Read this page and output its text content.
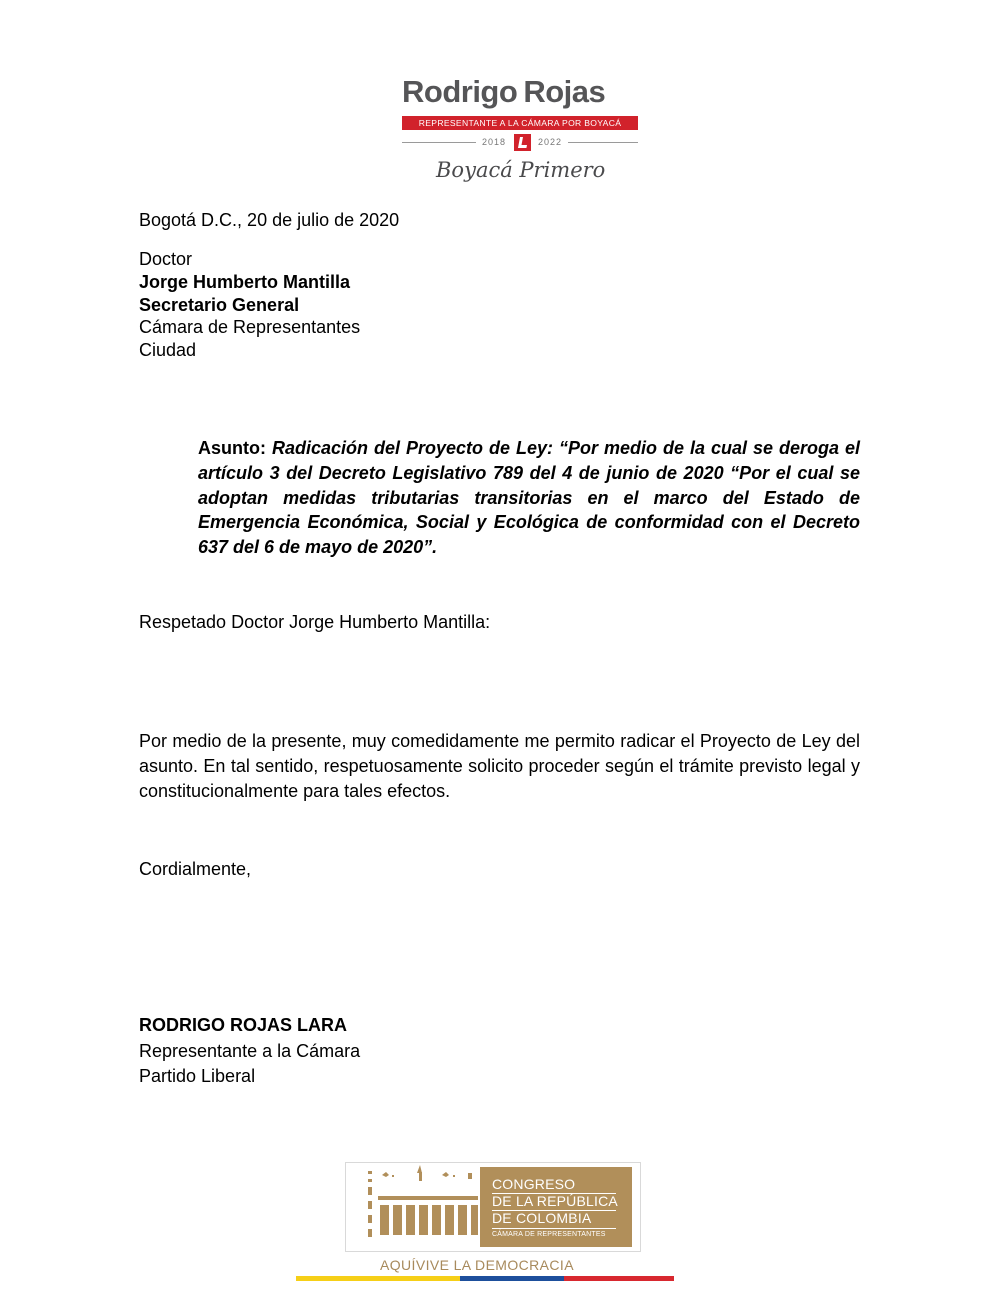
Rodrigo Rojas
REPRESENTANTE A LA CÁMARA POR BOYACÁ
2018	2022
Boyacá Primero
Bogotá D.C., 20 de julio de 2020
Doctor
Jorge Humberto Mantilla
Secretario General
Cámara de Representantes
Ciudad
Asunto: Radicación del Proyecto de Ley: “Por medio de la cual se deroga el artículo 3 del Decreto Legislativo 789 del 4 de junio de 2020 “Por el cual se adoptan medidas tributarias transitorias en el marco del Estado de Emergencia Económica, Social y Ecológica de conformidad con el Decreto 637 del 6 de mayo de 2020”.
Respetado Doctor Jorge Humberto Mantilla:
Por medio de la presente, muy comedidamente me permito radicar el Proyecto de Ley del asunto. En tal sentido, respetuosamente solicito proceder según el trámite previsto legal y constitucionalmente para tales efectos.
Cordialmente,
RODRIGO ROJAS LARA
Representante a la Cámara
Partido Liberal
CONGRESO
DE LA REPÚBLICA
DE COLOMBIA
CÁMARA DE REPRESENTANTES
AQUÍVIVE LA DEMOCRACIA
